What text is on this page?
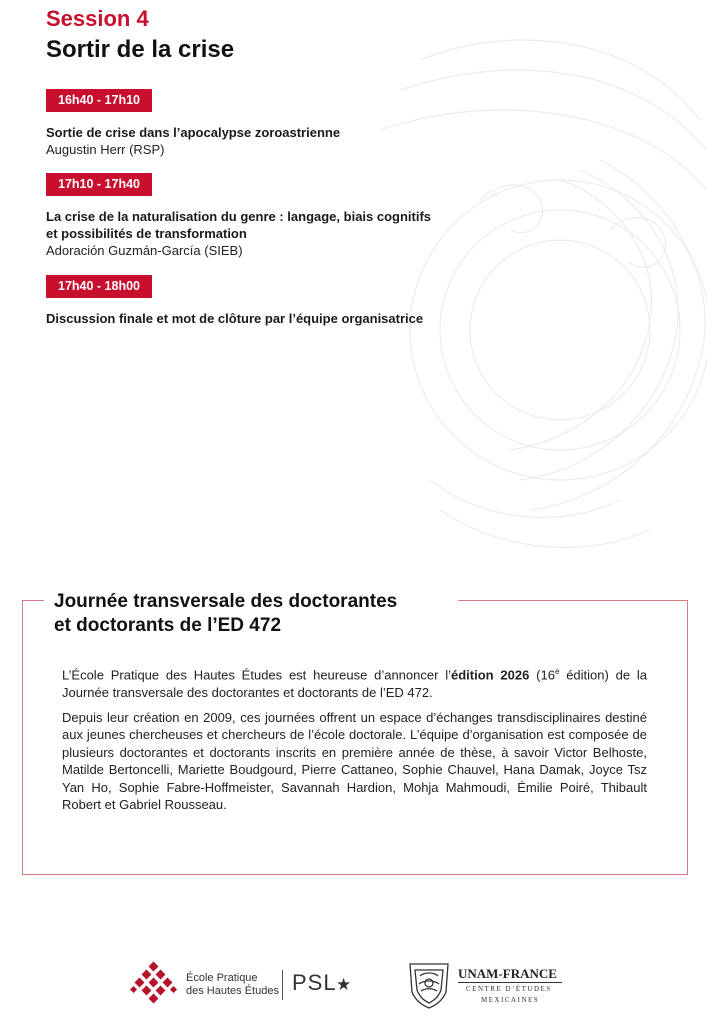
Session 4
Sortir de la crise
16h40 - 17h10
Sortie de crise dans l’apocalypse zoroastrienne
Augustin Herr (RSP)
17h10 - 17h40
La crise de la naturalisation du genre : langage, biais cognitifs et possibilités de transformation
Adoración Guzmán-García (SIEB)
17h40 - 18h00
Discussion finale et mot de clôture par l’équipe organisatrice
Journée transversale des doctorantes
et doctorants de l’ED 472

L’École Pratique des Hautes Études est heureuse d’annoncer l’édition 2026 (16e édition) de la Journée transversale des doctorantes et doctorants de l’ED 472.

Depuis leur création en 2009, ces journées offrent un espace d’échanges transdisciplinaires destiné aux jeunes chercheuses et chercheurs de l’école doctorale. L’équipe d’organisation est composée de plusieurs doctorantes et doctorants inscrits en première année de thèse, à savoir Victor Belhoste, Matilde Bertoncelli, Mariette Boudgourd, Pierre Cattaneo, Sophie Chauvel, Hana Damak, Joyce Tsz Yan Ho, Sophie Fabre-Hoffmeister, Savannah Hardion, Mohja Mahmoudi, Émilie Poiré, Thibault Robert et Gabriel Rousseau.

École Pratique
des Hautes Études PSL ★
UNAM-FRANCE
CENTRE D’ÉTUDES
MEXICAINES
